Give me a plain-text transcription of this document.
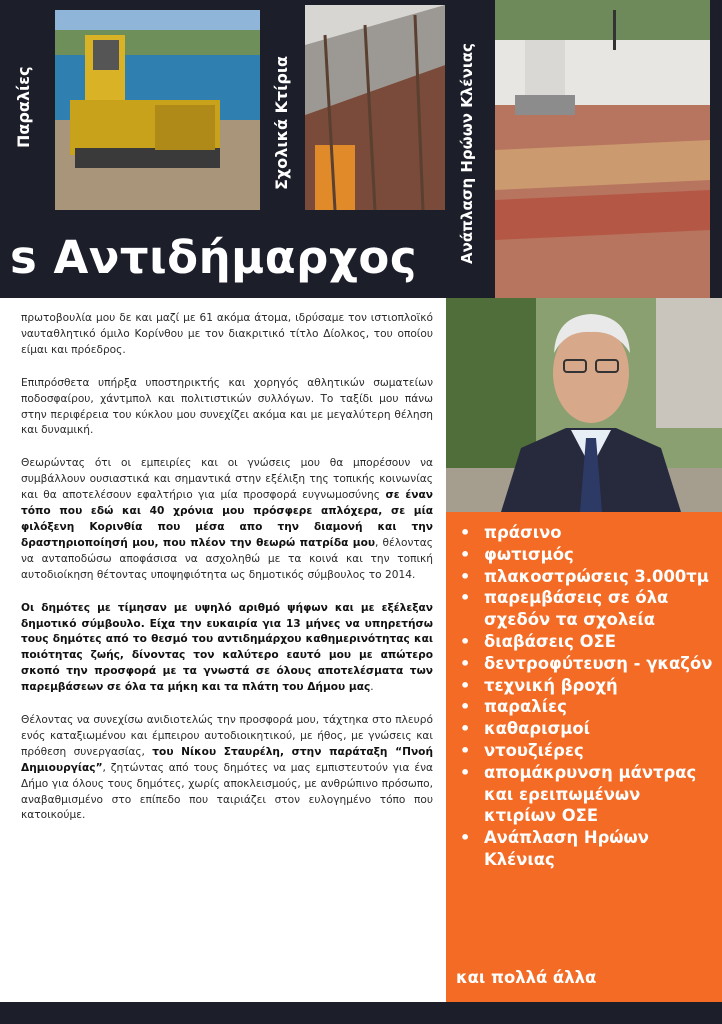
Παραλίες	Σχολικά Κτίρια	Ανάπλαση Ηρώων Κλένιας
s Αντιδήμαρχος

πρωτοβουλία μου δε και μαζί με 61 ακόμα άτομα, ιδρύσαμε τον ιστιοπλοϊκό ναυταθλητικό όμιλο Κορίνθου με τον διακριτικό τίτλο Δίολκος, του οποίου είμαι και πρόεδρος.

Επιπρόσθετα υπήρξα υποστηρικτής και χορηγός αθλητικών σωματείων ποδοσφαίρου, χάντμπολ και πολιτιστικών συλλόγων. Το ταξίδι μου πάνω στην περιφέρεια του κύκλου μου συνεχίζει ακόμα και με μεγαλύτερη θέληση και δυναμική.

Θεωρώντας ότι οι εμπειρίες και οι γνώσεις μου θα μπορέσουν να συμβάλλουν ουσιαστικά και σημαντικά στην εξέλιξη της τοπικής κοινωνίας και θα αποτελέσουν εφαλτήριο για μία προσφορά ευγνωμοσύνης σε έναν τόπο που εδώ και 40 χρόνια μου πρόσφερε απλόχερα, σε μία φιλόξενη Κορινθία που μέσα απο την διαμονή και την δραστηριοποίησή μου, που πλέον την θεωρώ πατρίδα μου, θέλοντας να ανταποδώσω αποφάσισα να ασχοληθώ με τα κοινά και την τοπική αυτοδιοίκηση θέτοντας υποψηφιότητα ως δημοτικός σύμβουλος το 2014.

Οι δημότες με τίμησαν με υψηλό αριθμό ψήφων και με εξέλεξαν δημοτικό σύμβουλο. Είχα την ευκαιρία για 13 μήνες να υπηρετήσω τους δημότες από το θεσμό του αντιδημάρχου καθημερινότητας και ποιότητας ζωής, δίνοντας τον καλύτερο εαυτό μου με απώτερο σκοπό την προσφορά με τα γνωστά σε όλους αποτελέσματα των παρεμβάσεων σε όλα τα μήκη και τα πλάτη του Δήμου μας.

Θέλοντας να συνεχίσω ανιδιοτελώς την προσφορά μου, τάχτηκα στο πλευρό ενός καταξιωμένου και έμπειρου αυτοδιοικητικού, με ήθος, με γνώσεις και πρόθεση συνεργασίας, του Νίκου Σταυρέλη, στην παράταξη “Πνοή Δημιουργίας”, ζητώντας από τους δημότες να μας εμπιστευτούν για ένα Δήμο για όλους τους δημότες, χωρίς αποκλεισμούς, με ανθρώπινο πρόσωπο, αναβαθμισμένο στο επίπεδο που ταιριάζει στον ευλογημένο τόπο που κατοικούμε.

• πράσινο
• φωτισμός
• πλακοστρώσεις 3.000τμ
• παρεμβάσεις σε όλα σχεδόν τα σχολεία
• διαβάσεις ΟΣΕ
• δεντροφύτευση - γκαζόν
• τεχνική βροχή
• παραλίες
• καθαρισμοί
• ντουζιέρες
• απομάκρυνση μάντρας και ερειπωμένων κτιρίων ΟΣΕ
• Ανάπλαση Ηρώων Κλένιας
και πολλά άλλα
